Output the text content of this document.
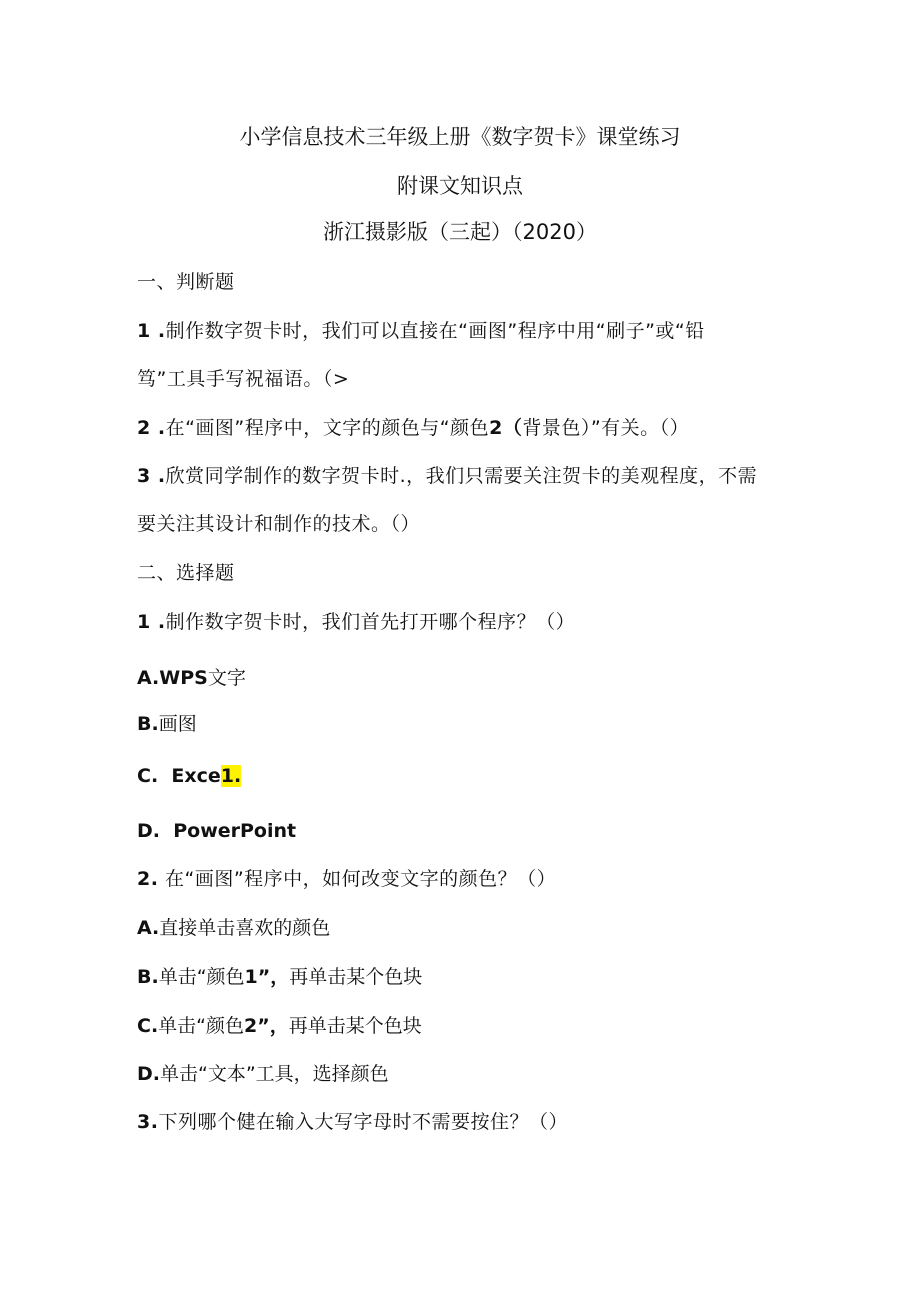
小学信息技术三年级上册《数字贺卡》课堂练习
附课文知识点
浙江摄影版（三起）（2020）
一、判断题
1 .制作数字贺卡时，我们可以直接在“画图”程序中用“刷子”或“铅
笃”工具手写祝福语。（>
2 .在“画图”程序中，文字的颜色与“颜色2（背景色）”有关。（）
3 .欣赏同学制作的数字贺卡时.，我们只需要关注贺卡的美观程度，不需
要关注其设计和制作的技术。（）
二、选择题
1 .制作数字贺卡时，我们首先打开哪个程序？（）
A.WPS文字
B.画图
C.  Exce1.
D.  PowerPoint
2. 在“画图”程序中，如何改变文字的颜色？（）
A.直接单击喜欢的颜色
B.单击“颜色1”，再单击某个色块
C.单击“颜色2”，再单击某个色块
D.单击“文本”工具，选择颜色
3.下列哪个健在输入大写字母时不需要按住？（）
